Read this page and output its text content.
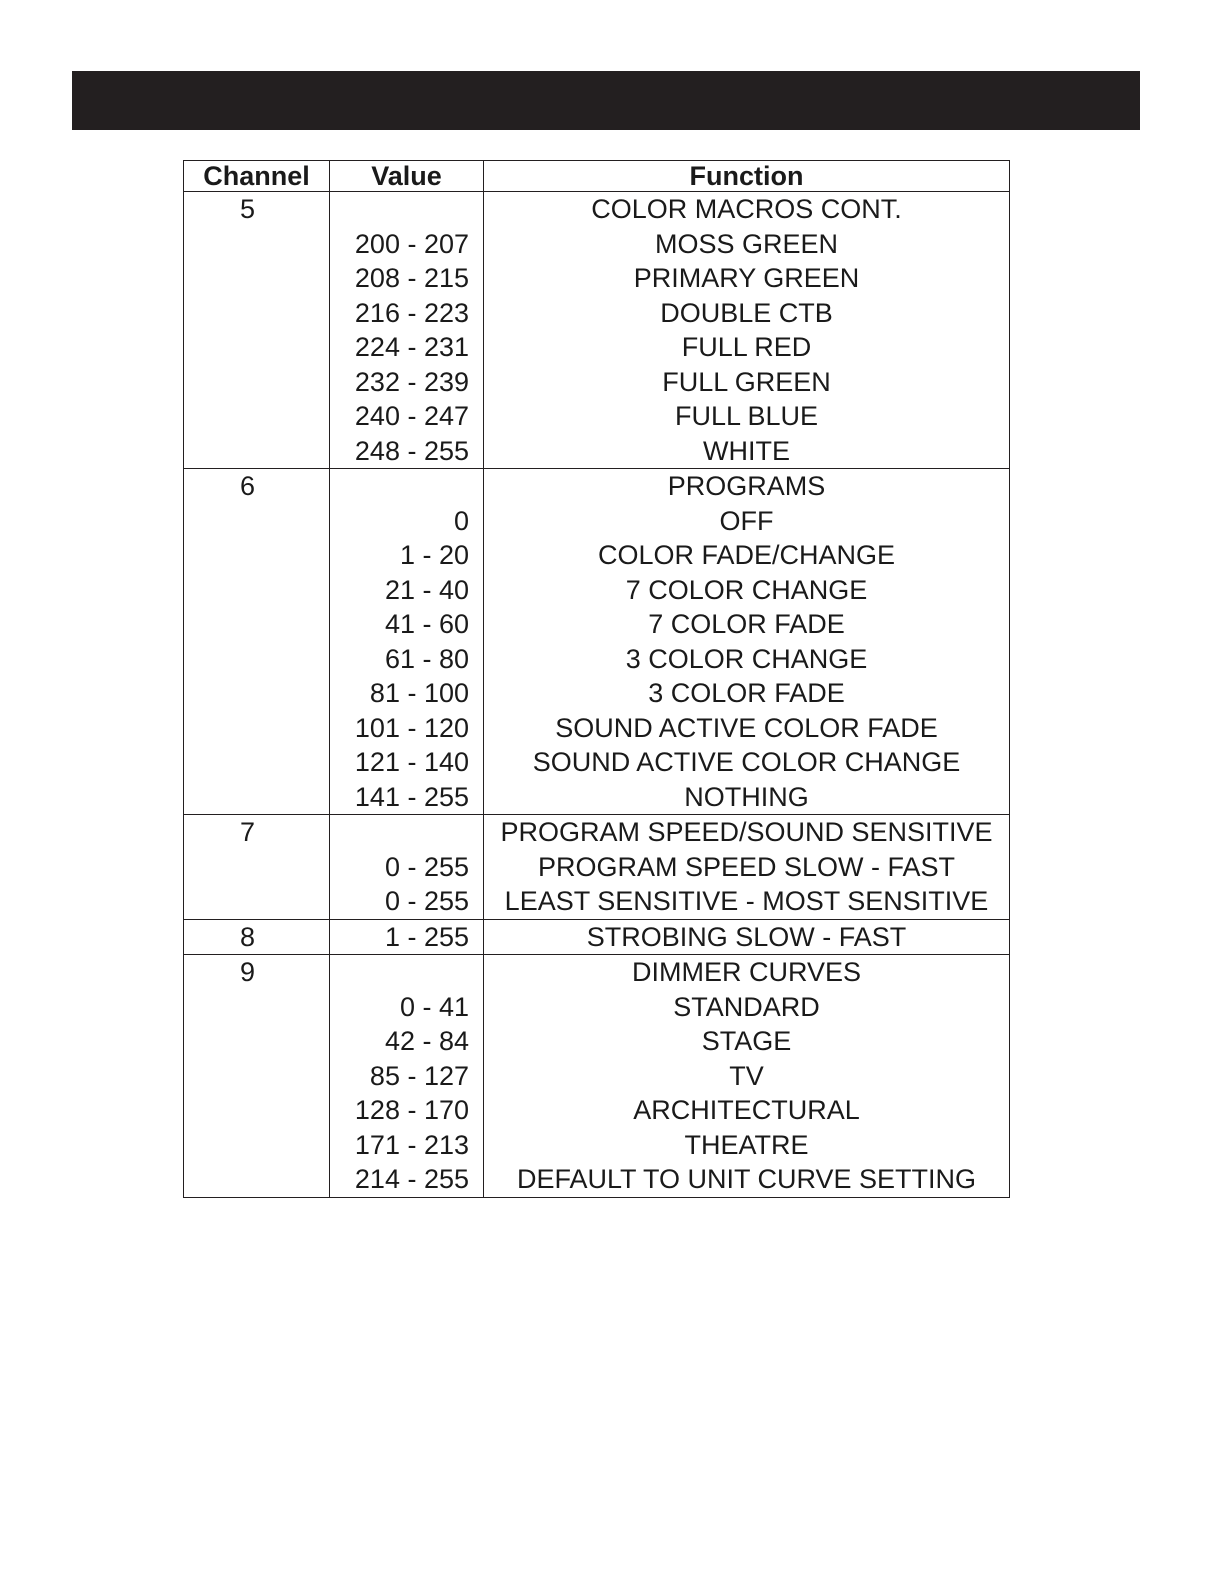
Channel	Value	Function
5		COLOR MACROS CONT.
	200 - 207	MOSS GREEN
	208 - 215	PRIMARY GREEN
	216 - 223	DOUBLE CTB
	224 - 231	FULL RED
	232 - 239	FULL GREEN
	240 - 247	FULL BLUE
	248 - 255	WHITE
6		PROGRAMS
	0	OFF
	1 - 20	COLOR FADE/CHANGE
	21 - 40	7 COLOR CHANGE
	41 - 60	7 COLOR FADE
	61 - 80	3 COLOR CHANGE
	81 - 100	3 COLOR FADE
	101 - 120	SOUND ACTIVE COLOR FADE
	121 - 140	SOUND ACTIVE COLOR CHANGE
	141 - 255	NOTHING
7		PROGRAM SPEED/SOUND SENSITIVE
	0 - 255	PROGRAM SPEED SLOW - FAST
	0 - 255	LEAST SENSITIVE - MOST SENSITIVE
8	1 - 255	STROBING SLOW - FAST
9		DIMMER CURVES
	0 - 41	STANDARD
	42 - 84	STAGE
	85 - 127	TV
	128 - 170	ARCHITECTURAL
	171 - 213	THEATRE
	214 - 255	DEFAULT TO UNIT CURVE SETTING
